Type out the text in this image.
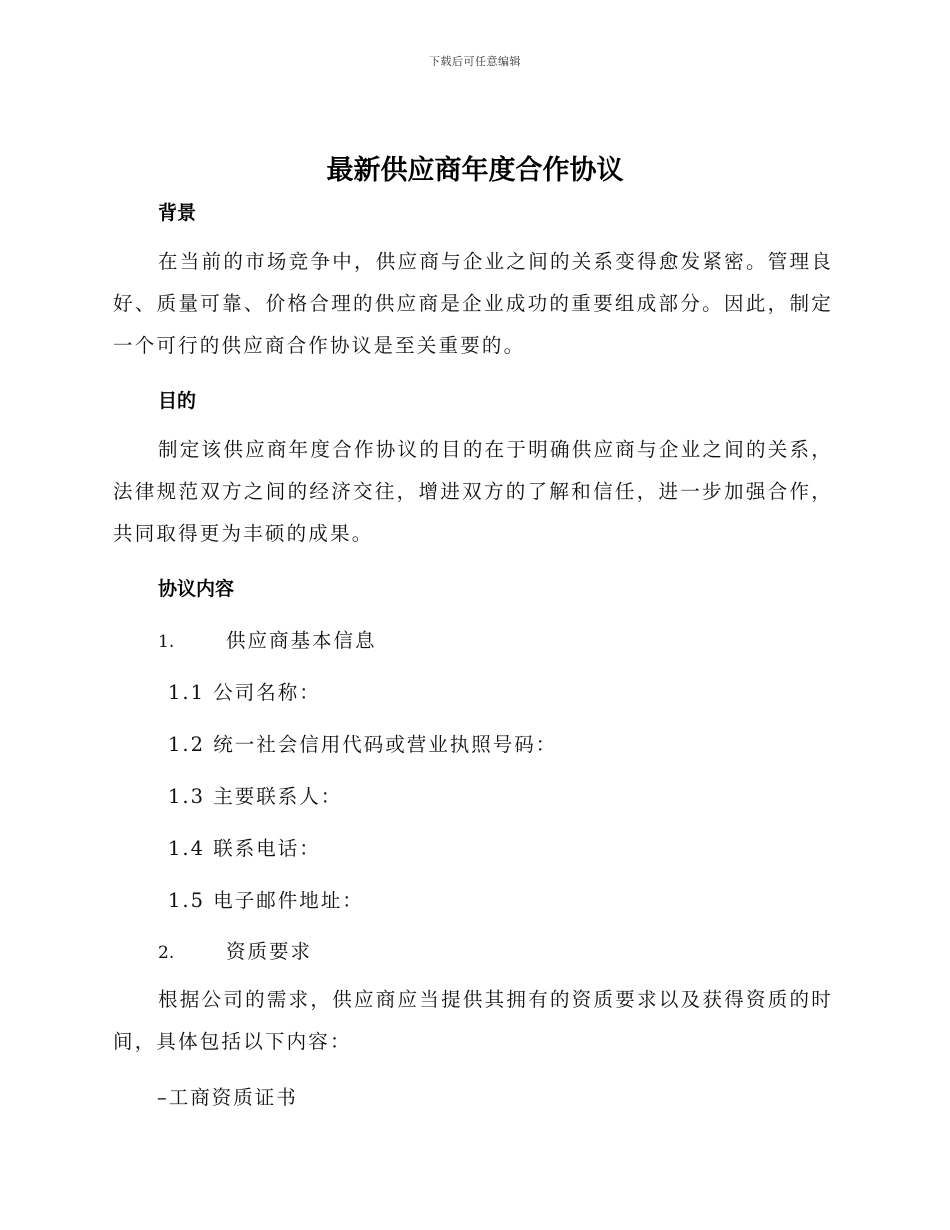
下载后可任意编辑
最新供应商年度合作协议
背景

在当前的市场竞争中，供应商与企业之间的关系变得愈发紧密。管理良好、质量可靠、价格合理的供应商是企业成功的重要组成部分。因此，制定一个可行的供应商合作协议是至关重要的。

目的

制定该供应商年度合作协议的目的在于明确供应商与企业之间的关系，法律规范双方之间的经济交往，增进双方的了解和信任，进一步加强合作，共同取得更为丰硕的成果。

协议内容
1.	供应商基本信息
1.1 公司名称：
1.2 统一社会信用代码或营业执照号码：
1.3 主要联系人：
1.4 联系电话：
1.5 电子邮件地址：
2.	资质要求

根据公司的需求，供应商应当提供其拥有的资质要求以及获得资质的时间，具体包括以下内容：

–工商资质证书
